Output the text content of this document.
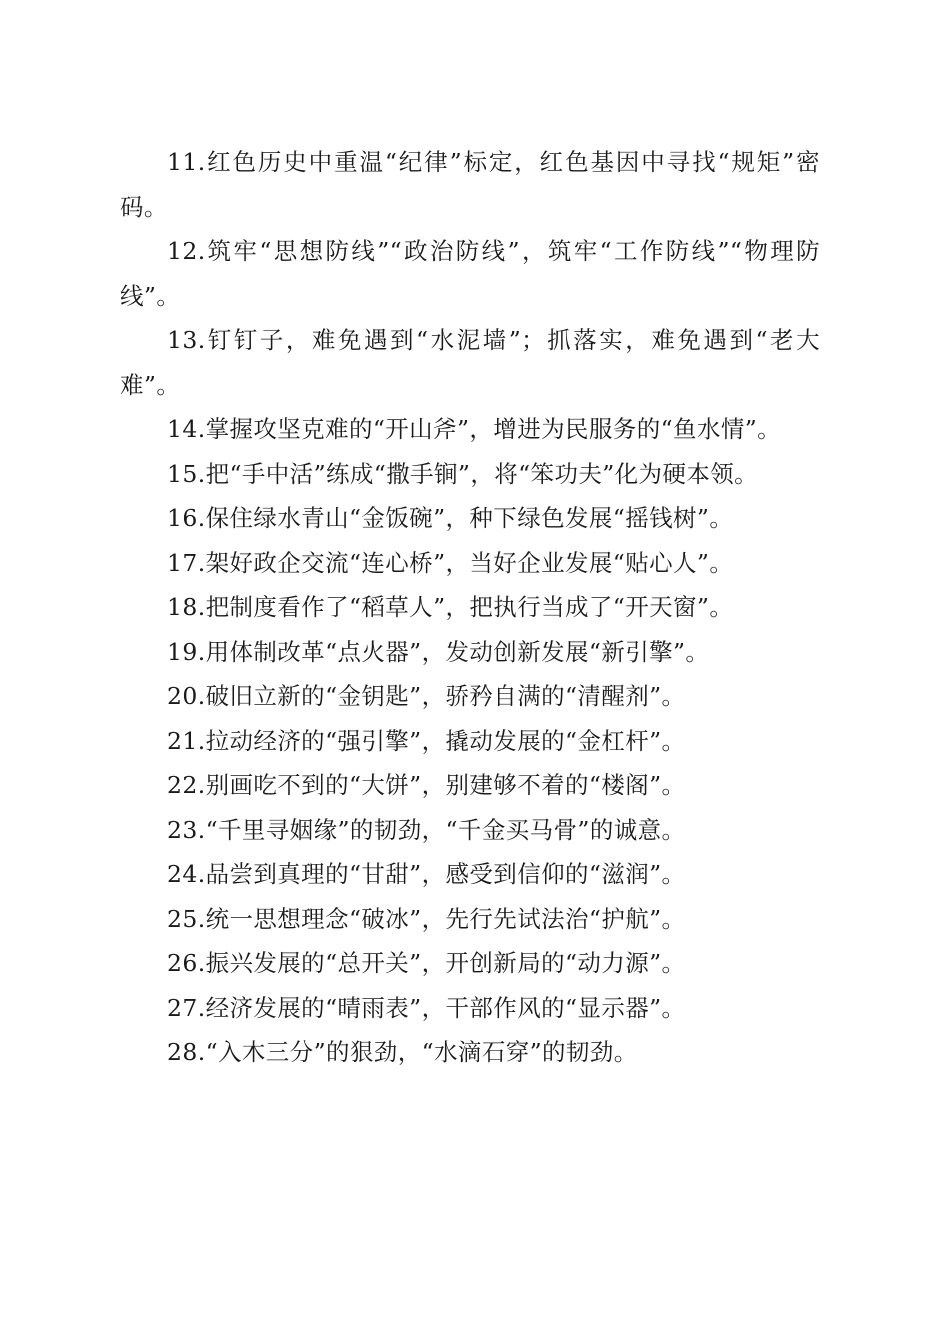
11.红色历史中重温“纪律”标定，红色基因中寻找“规矩”密码。

12.筑牢“思想防线”“政治防线”，筑牢“工作防线”“物理防线”。

13.钉钉子，难免遇到“水泥墙”；抓落实，难免遇到“老大难”。

14.掌握攻坚克难的“开山斧”，增进为民服务的“鱼水情”。

15.把“手中活”练成“撒手锏”，将“笨功夫”化为硬本领。

16.保住绿水青山“金饭碗”，种下绿色发展“摇钱树”。

17.架好政企交流“连心桥”，当好企业发展“贴心人”。

18.把制度看作了“稻草人”，把执行当成了“开天窗”。

19.用体制改革“点火器”，发动创新发展“新引擎”。

20.破旧立新的“金钥匙”，骄矜自满的“清醒剂”。

21.拉动经济的“强引擎”，撬动发展的“金杠杆”。

22.别画吃不到的“大饼”，别建够不着的“楼阁”。

23.“千里寻姻缘”的韧劲，“千金买马骨”的诚意。

24.品尝到真理的“甘甜”，感受到信仰的“滋润”。

25.统一思想理念“破冰”，先行先试法治“护航”。

26.振兴发展的“总开关”，开创新局的“动力源”。

27.经济发展的“晴雨表”，干部作风的“显示器”。

28.“入木三分”的狠劲，“水滴石穿”的韧劲。
